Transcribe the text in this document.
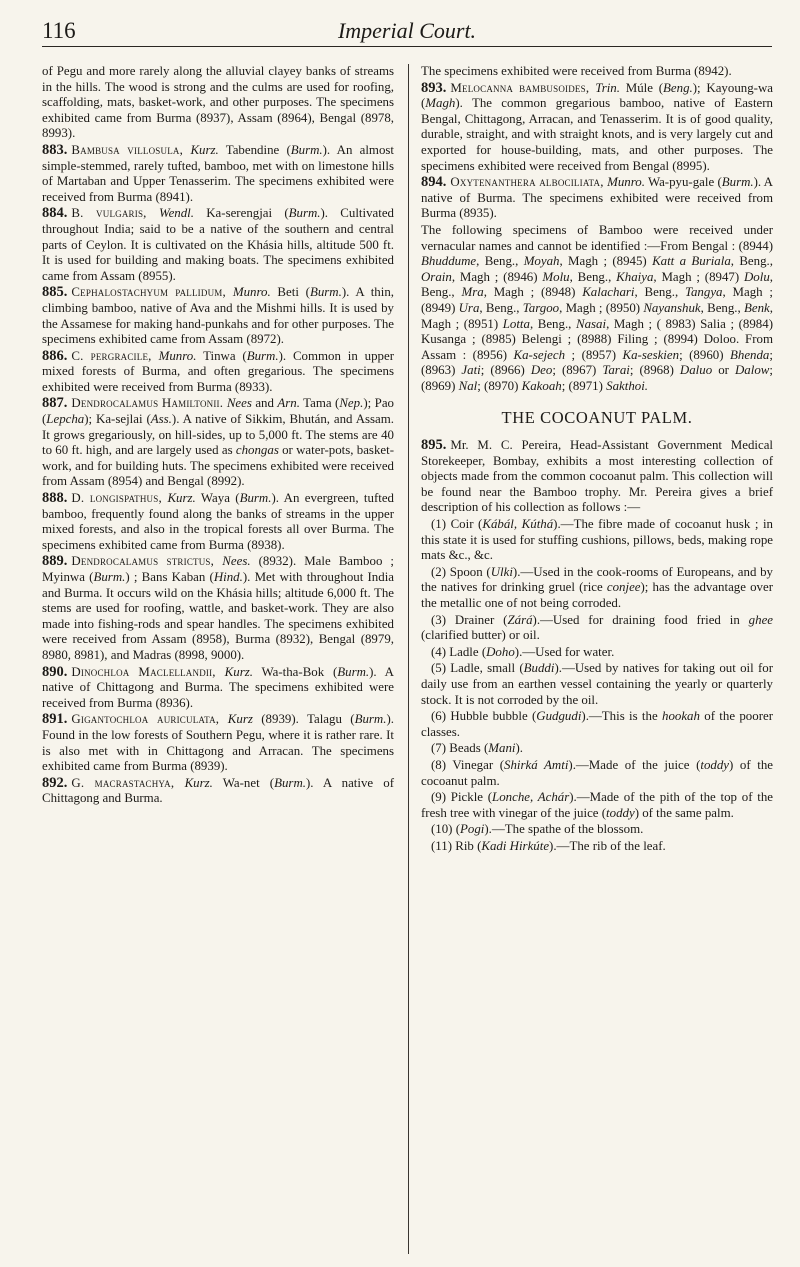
116	Imperial Court.

of Pegu and more rarely along the alluvial clayey banks of streams in the hills. The wood is strong and the culms are used for roofing, scaffolding, mats, basket-work, and other purposes. The specimens exhibited came from Burma (8937), Assam (8964), Bengal (8978, 8993).

883. Bambusa villosula, Kurz. Tabendine (Burm.). An almost simple-stemmed, rarely tufted, bamboo, met with on limestone hills of Martaban and Upper Tenasserim. The specimens exhibited were received from Burma (8941).

884. B. vulgaris, Wendl. Ka-serengjai (Burm.). Cultivated throughout India; said to be a native of the southern and central parts of Ceylon. It is cultivated on the Khásia hills, altitude 500 ft. It is used for building and making boats. The specimens exhibited came from Assam (8955).

885. Cephalostachyum pallidum, Munro. Beti (Burm.). A thin, climbing bamboo, native of Ava and the Mishmi hills. It is used by the Assamese for making hand-punkahs and for other purposes. The specimens exhibited came from Assam (8972).

886. C. pergracile, Munro. Tinwa (Burm.). Common in upper mixed forests of Burma, and often gregarious. The specimens exhibited were received from Burma (8933).

887. Dendrocalamus Hamiltonii. Nees and Arn. Tama (Nep.); Pao (Lepcha); Ka-sejlai (Ass.). A native of Sikkim, Bhután, and Assam. It grows gregariously, on hill-sides, up to 5,000 ft. The stems are 40 to 60 ft. high, and are largely used as chongas or water-pots, basket-work, and for building huts. The specimens exhibited were received from Assam (8954) and Bengal (8992).

888. D. longispathus, Kurz. Waya (Burm.). An evergreen, tufted bamboo, frequently found along the banks of streams in the upper mixed forests, and also in the tropical forests all over Burma. The specimens exhibited came from Burma (8938).

889. Dendrocalamus strictus, Nees. (8932). Male Bamboo ; Myinwa (Burm.) ; Bans Kaban (Hind.). Met with throughout India and Burma. It occurs wild on the Khásia hills; altitude 6,000 ft. The stems are used for roofing, wattle, and basket-work. They are also made into fishing-rods and spear handles. The specimens exhibited were received from Assam (8958), Burma (8932), Bengal (8979, 8980, 8981), and Madras (8998, 9000).

890. Dinochloa Maclellandii, Kurz. Wa-tha-Bok (Burm.). A native of Chittagong and Burma. The specimens exhibited were received from Burma (8936).

891. Gigantochloa auriculata, Kurz (8939). Talagu (Burm.). Found in the low forests of Southern Pegu, where it is rather rare. It is also met with in Chittagong and Arracan. The specimens exhibited came from Burma (8939).

892. G. macrastachya, Kurz. Wa-net (Burm.). A native of Chittagong and Burma.

The specimens exhibited were received from Burma (8942).

893. Melocanna bambusoides, Trin. Múle (Beng.); Kayoung-wa (Magh). The common gregarious bamboo, native of Eastern Bengal, Chittagong, Arracan, and Tenasserim. It is of good quality, durable, straight, and with straight knots, and is very largely cut and exported for house-building, mats, and other purposes. The specimens exhibited were received from Bengal (8995).

894. Oxytenanthera albociliata, Munro. Wa-pyu-gale (Burm.). A native of Burma. The specimens exhibited were received from Burma (8935).

The following specimens of Bamboo were received under vernacular names and cannot be identified :—From Bengal : (8944) Bhuddume, Beng., Moyah, Magh ; (8945) Katt a Buriala, Beng., Orain, Magh ; (8946) Molu, Beng., Khaiya, Magh ; (8947) Dolu, Beng., Mra, Magh ; (8948) Kalachari, Beng., Tangya, Magh ; (8949) Ura, Beng., Targoo, Magh ; (8950) Nayanshuk, Beng., Benk, Magh ; (8951) Lotta, Beng., Nasai, Magh ; ( 8983) Salia ; (8984) Kusanga ; (8985) Belengi ; (8988) Filing ; (8994) Doloo. From Assam : (8956) Ka-sejech ; (8957) Ka-seskien; (8960) Bhenda; (8963) Jati; (8966) Deo; (8967) Tarai; (8968) Daluo or Dalow; (8969) Nal; (8970) Kakoah; (8971) Sakthoi.

THE COCOANUT PALM.

895. Mr. M. C. Pereira, Head-Assistant Government Medical Storekeeper, Bombay, exhibits a most interesting collection of objects made from the common cocoanut palm. This collection will be found near the Bamboo trophy. Mr. Pereira gives a brief description of his collection as follows :—

(1) Coir (Kábál, Kúthá).—The fibre made of cocoanut husk ; in this state it is used for stuffing cushions, pillows, beds, making rope mats &c., &c.

(2) Spoon (Ulki).—Used in the cook-rooms of Europeans, and by the natives for drinking gruel (rice conjee); has the advantage over the metallic one of not being corroded.

(3) Drainer (Zárá).—Used for draining food fried in ghee (clarified butter) or oil.

(4) Ladle (Doho).—Used for water.

(5) Ladle, small (Buddi).—Used by natives for taking out oil for daily use from an earthen vessel containing the yearly or quarterly stock. It is not corroded by the oil.

(6) Hubble bubble (Gudgudi).—This is the hookah of the poorer classes.

(7) Beads (Mani).

(8) Vinegar (Shirká Amti).—Made of the juice (toddy) of the cocoanut palm.

(9) Pickle (Lonche, Achár).—Made of the pith of the top of the fresh tree with vinegar of the juice (toddy) of the same palm.

(10) (Pogi).—The spathe of the blossom.

(11) Rib (Kadi Hirkúte).—The rib of the leaf.
